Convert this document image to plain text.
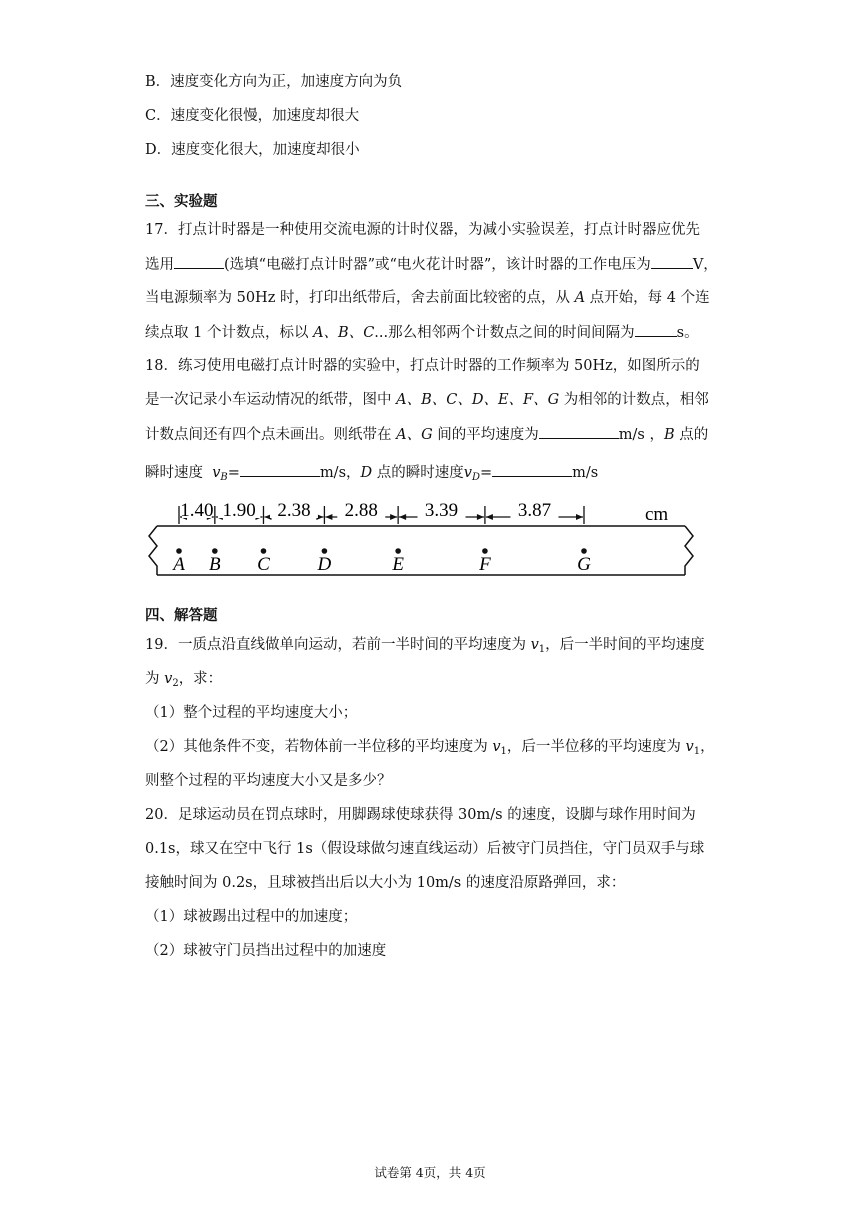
B．速度变化方向为正，加速度方向为负
C．速度变化很慢，加速度却很大
D．速度变化很大，加速度却很小
三、实验题
17．打点计时器是一种使用交流电源的计时仪器，为减小实验误差，打点计时器应优先
选用	(选填“电磁打点计时器”或“电火花计时器”，该计时器的工作电压为	V，
当电源频率为 50Hz 时，打印出纸带后，舍去前面比较密的点，从 A 点开始，每 4 个连
续点取 1 个计数点，标以 A、B、C...那么相邻两个计数点之间的时间间隔为	s。
18．练习使用电磁打点计时器的实验中，打点计时器的工作频率为 50Hz，如图所示的
是一次记录小车运动情况的纸带，图中 A、B、C、D、E、F、G 为相邻的计数点，相邻
计数点间还有四个点未画出。则纸带在 A、G 间的平均速度为	m/s ，B 点的
瞬时速度 $v_B=$	m/s，D 点的瞬时速度$v_D=$	m/s
A B C	D	E	F	G
1.40 1.90 2.38 2.88 3.39	3.87	cm
四、解答题
19．一质点沿直线做单向运动，若前一半时间的平均速度为 $v_1$，后一半时间的平均速度
为 $v_2$，求：
（1）整个过程的平均速度大小；
（2）其他条件不变，若物体前一半位移的平均速度为 $v_1$，后一半位移的平均速度为 $v_1$，
则整个过程的平均速度大小又是多少？
20．足球运动员在罚点球时，用脚踢球使球获得 30m/s 的速度，设脚与球作用时间为
0.1s，球又在空中飞行 1s（假设球做匀速直线运动）后被守门员挡住，守门员双手与球
接触时间为 0.2s，且球被挡出后以大小为 10m/s 的速度沿原路弹回，求：
（1）球被踢出过程中的加速度；
（2）球被守门员挡出过程中的加速度
试卷第 4页，共 4页
